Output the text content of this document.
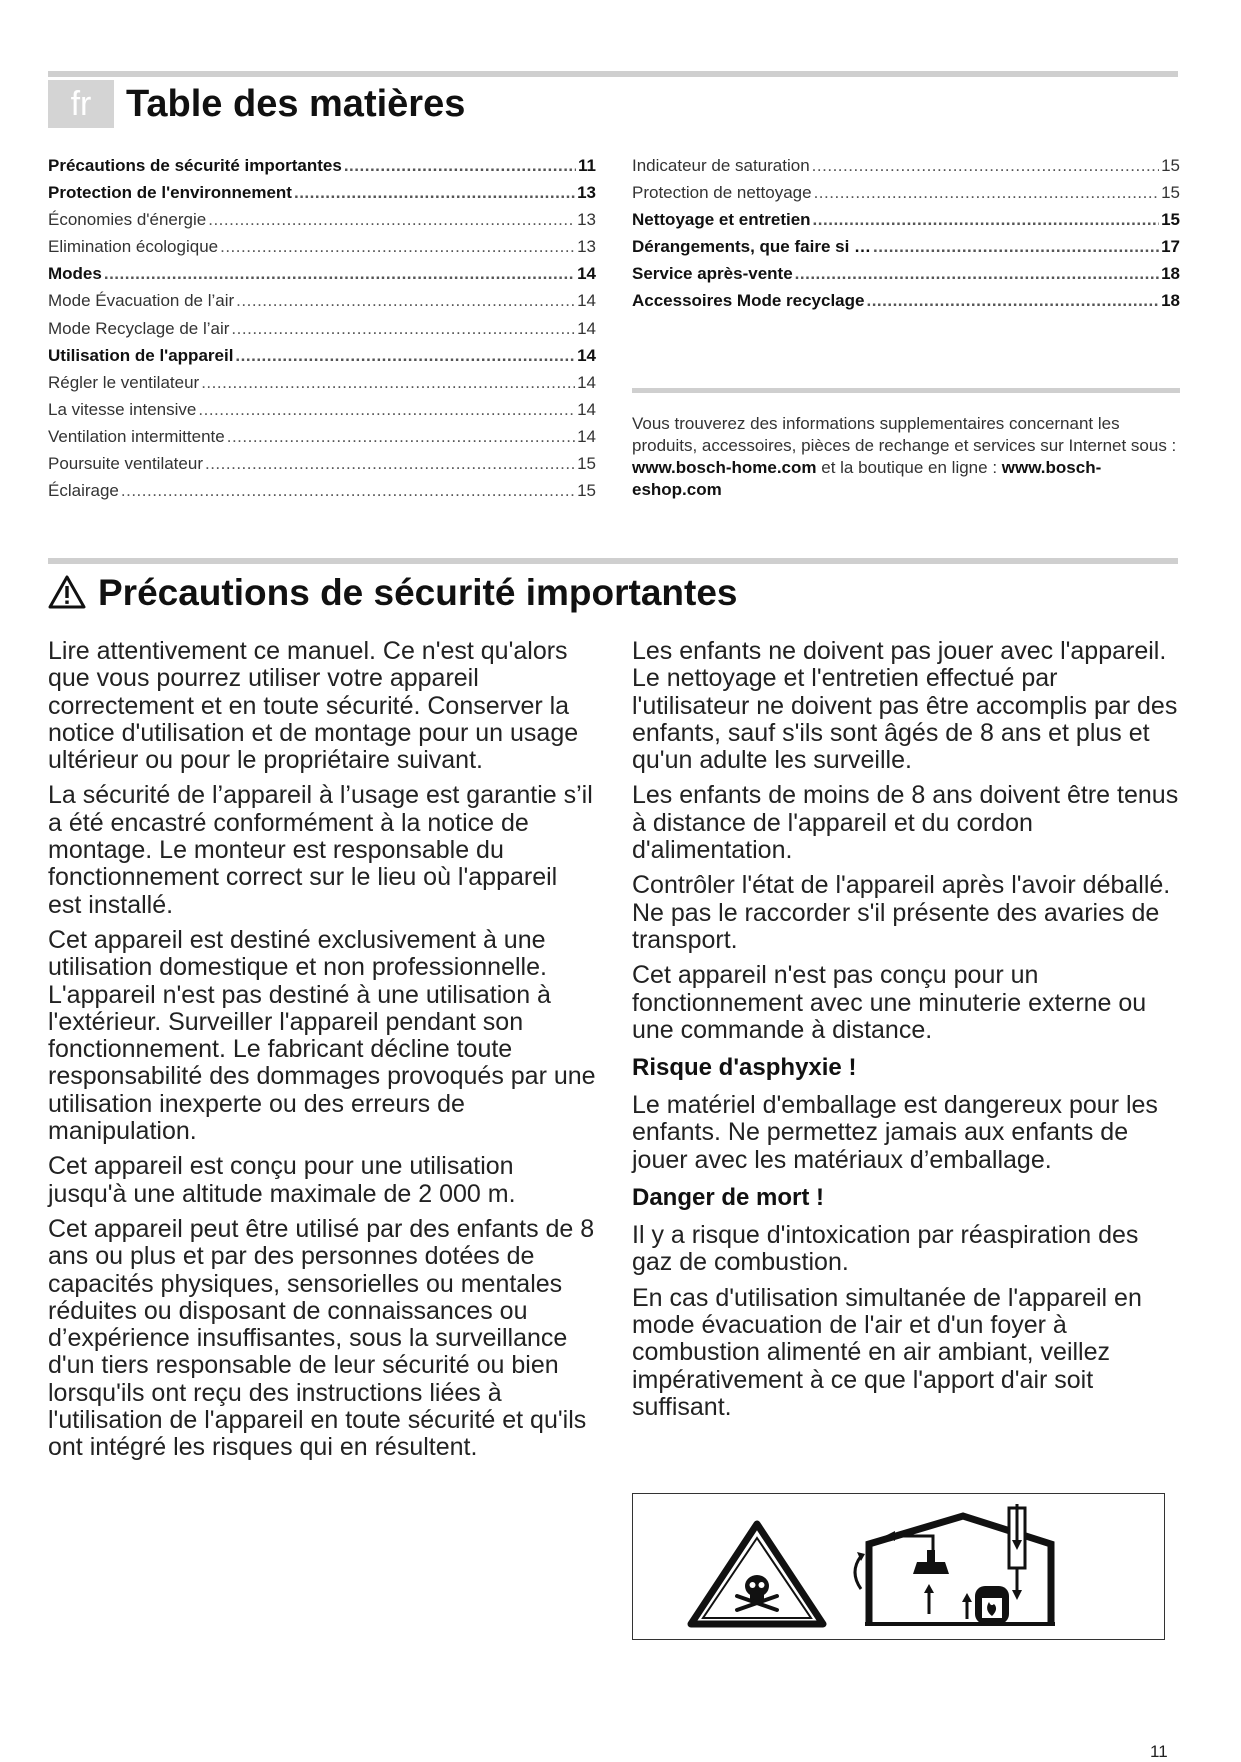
fr Table des matières
Précautions de sécurité importantes .....	11
Protection de l'environnement .....	13
Économies d'énergie .....	13
Elimination écologique .....	13
Modes .....	14
Mode Évacuation de l’air .....	14
Mode Recyclage de l’air .....	14
Utilisation de l'appareil .....	14
Régler le ventilateur .....	14
La vitesse intensive .....	14
Ventilation intermittente .....	14
Poursuite ventilateur .....	15
Éclairage .....	15
Indicateur de saturation .....	15
Protection de nettoyage .....	15
Nettoyage et entretien .....	15
Dérangements, que faire si … .....	17
Service après-vente .....	18
Accessoires Mode recyclage .....	18

Vous trouverez des informations supplementaires concernant les produits, accessoires, pièces de rechange et services sur Internet sous : www.bosch-home.com et la boutique en ligne : www.bosch-eshop.com

Précautions de sécurité importantes

Lire attentivement ce manuel. Ce n'est qu'alors que vous pourrez utiliser votre appareil correctement et en toute sécurité. Conserver la notice d'utilisation et de montage pour un usage ultérieur ou pour le propriétaire suivant.

La sécurité de l’appareil à l’usage est garantie s’il a été encastré conformément à la notice de montage. Le monteur est responsable du fonctionnement correct sur le lieu où l'appareil est installé.

Cet appareil est destiné exclusivement à une utilisation domestique et non professionnelle. L'appareil n'est pas destiné à une utilisation à l'extérieur. Surveiller l'appareil pendant son fonctionnement. Le fabricant décline toute responsabilité des dommages provoqués par une utilisation inexperte ou des erreurs de manipulation.

Cet appareil est conçu pour une utilisation jusqu'à une altitude maximale de 2 000 m.

Cet appareil peut être utilisé par des enfants de 8 ans ou plus et par des personnes dotées de capacités physiques, sensorielles ou mentales réduites ou disposant de connaissances ou d’expérience insuffisantes, sous la surveillance d'un tiers responsable de leur sécurité ou bien lorsqu'ils ont reçu des instructions liées à l'utilisation de l'appareil en toute sécurité et qu'ils ont intégré les risques qui en résultent.

Les enfants ne doivent pas jouer avec l'appareil. Le nettoyage et l'entretien effectué par l'utilisateur ne doivent pas être accomplis par des enfants, sauf s'ils sont âgés de 8 ans et plus et qu'un adulte les surveille.

Les enfants de moins de 8 ans doivent être tenus à distance de l'appareil et du cordon d'alimentation.

Contrôler l'état de l'appareil après l'avoir déballé. Ne pas le raccorder s'il présente des avaries de transport.

Cet appareil n'est pas conçu pour un fonctionnement avec une minuterie externe ou une commande à distance.

Risque d'asphyxie !

Le matériel d'emballage est dangereux pour les enfants. Ne permettez jamais aux enfants de jouer avec les matériaux d’emballage.

Danger de mort !

Il y a risque d'intoxication par réaspiration des gaz de combustion.

En cas d'utilisation simultanée de l'appareil en mode évacuation de l'air et d'un foyer à combustion alimenté en air ambiant, veillez impérativement à ce que l'apport d'air soit suffisant.

11
